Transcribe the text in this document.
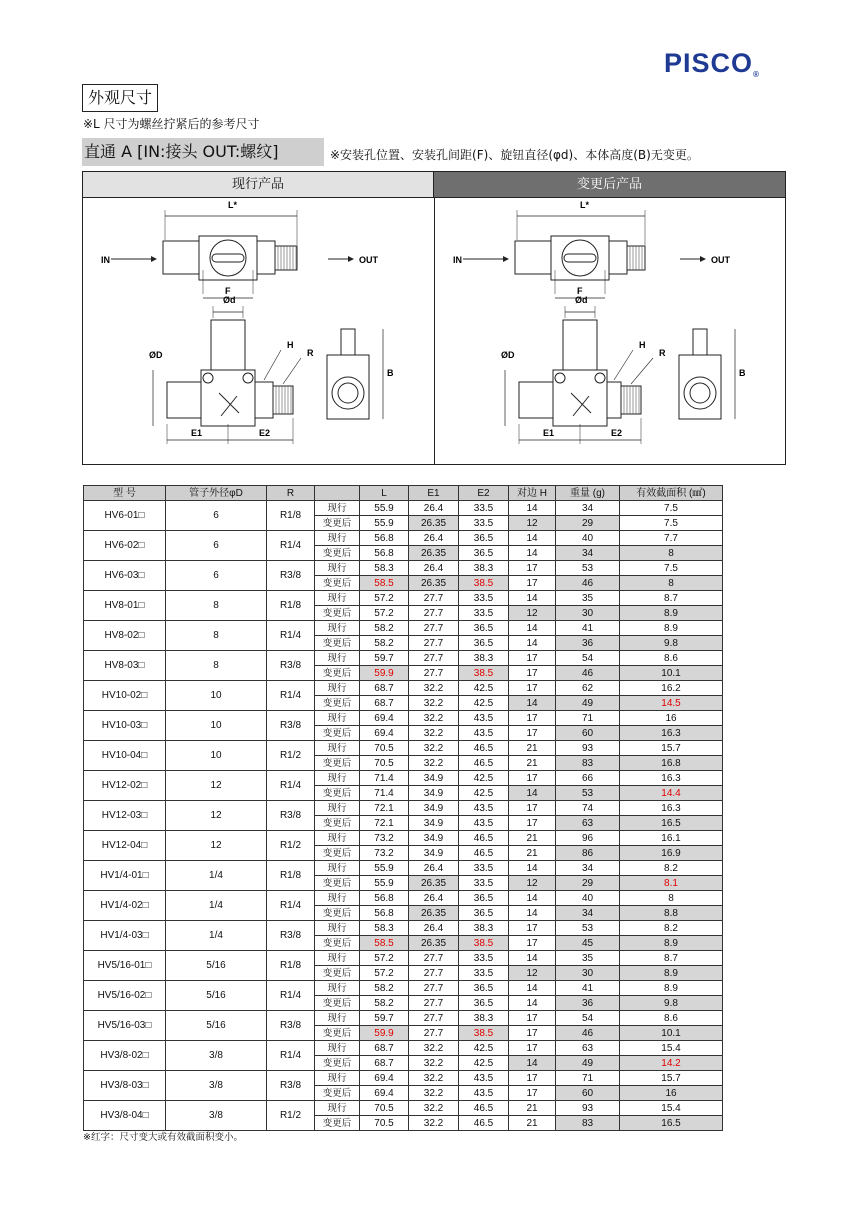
PISCO®
外观尺寸
※L 尺寸为螺丝拧紧后的参考尺寸
直通 A [IN:接头 OUT:螺纹]	※安装孔位置、安装孔间距(F)、旋钮直径(φd)、本体高度(B)无变更。
现行产品	变更后产品
L*
IN	OUT
F
Ød
ØD
H
R
B
E1	E2
L*
IN	OUT
F
Ød
ØD
H
R
B
E1	E2
型 号	管子外径φD	R		L	E1	E2	对边 H	重量 (g)	有效截面积 (㎟)
HV6-01□	6	R1/8	现行	55.9	26.4	33.5	14	34	7.5
			变更后	55.9	26.35	33.5	12	29	7.5
HV6-02□	6	R1/4	现行	56.8	26.4	36.5	14	40	7.7
			变更后	56.8	26.35	36.5	14	34	8
HV6-03□	6	R3/8	现行	58.3	26.4	38.3	17	53	7.5
			变更后	58.5	26.35	38.5	17	46	8
HV8-01□	8	R1/8	现行	57.2	27.7	33.5	14	35	8.7
			变更后	57.2	27.7	33.5	12	30	8.9
HV8-02□	8	R1/4	现行	58.2	27.7	36.5	14	41	8.9
			变更后	58.2	27.7	36.5	14	36	9.8
HV8-03□	8	R3/8	现行	59.7	27.7	38.3	17	54	8.6
			变更后	59.9	27.7	38.5	17	46	10.1
HV10-02□	10	R1/4	现行	68.7	32.2	42.5	17	62	16.2
			变更后	68.7	32.2	42.5	14	49	14.5
HV10-03□	10	R3/8	现行	69.4	32.2	43.5	17	71	16
			变更后	69.4	32.2	43.5	17	60	16.3
HV10-04□	10	R1/2	现行	70.5	32.2	46.5	21	93	15.7
			变更后	70.5	32.2	46.5	21	83	16.8
HV12-02□	12	R1/4	现行	71.4	34.9	42.5	17	66	16.3
			变更后	71.4	34.9	42.5	14	53	14.4
HV12-03□	12	R3/8	现行	72.1	34.9	43.5	17	74	16.3
			变更后	72.1	34.9	43.5	17	63	16.5
HV12-04□	12	R1/2	现行	73.2	34.9	46.5	21	96	16.1
			变更后	73.2	34.9	46.5	21	86	16.9
HV1/4-01□	1/4	R1/8	现行	55.9	26.4	33.5	14	34	8.2
			变更后	55.9	26.35	33.5	12	29	8.1
HV1/4-02□	1/4	R1/4	现行	56.8	26.4	36.5	14	40	8
			变更后	56.8	26.35	36.5	14	34	8.8
HV1/4-03□	1/4	R3/8	现行	58.3	26.4	38.3	17	53	8.2
			变更后	58.5	26.35	38.5	17	45	8.9
HV5/16-01□	5/16	R1/8	现行	57.2	27.7	33.5	14	35	8.7
			变更后	57.2	27.7	33.5	12	30	8.9
HV5/16-02□	5/16	R1/4	现行	58.2	27.7	36.5	14	41	8.9
			变更后	58.2	27.7	36.5	14	36	9.8
HV5/16-03□	5/16	R3/8	现行	59.7	27.7	38.3	17	54	8.6
			变更后	59.9	27.7	38.5	17	46	10.1
HV3/8-02□	3/8	R1/4	现行	68.7	32.2	42.5	17	63	15.4
			变更后	68.7	32.2	42.5	14	49	14.2
HV3/8-03□	3/8	R3/8	现行	69.4	32.2	43.5	17	71	15.7
			变更后	69.4	32.2	43.5	17	60	16
HV3/8-04□	3/8	R1/2	现行	70.5	32.2	46.5	21	93	15.4
			变更后	70.5	32.2	46.5	21	83	16.5
※红字：尺寸变大或有效截面积变小。
